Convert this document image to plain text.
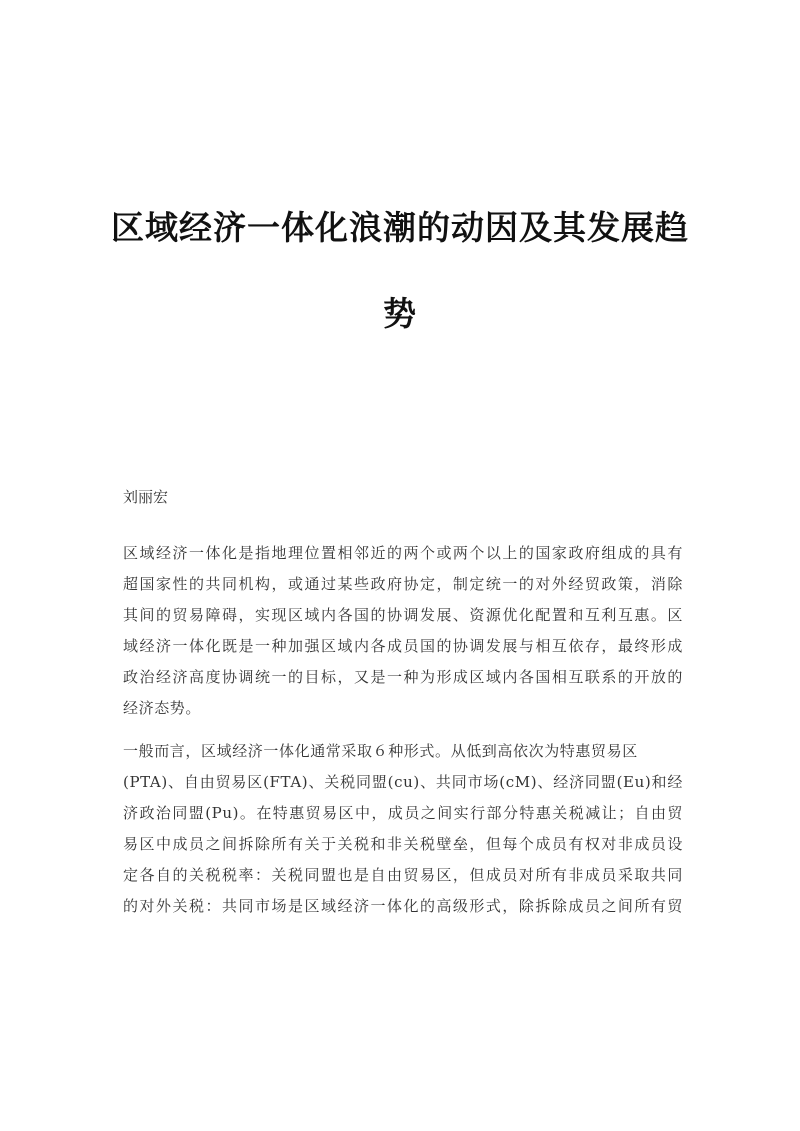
区域经济一体化浪潮的动因及其发展趋
势
刘丽宏
区域经济一体化是指地理位置相邻近的两个或两个以上的国家政府组成的具有
超国家性的共同机构，或通过某些政府协定，制定统一的对外经贸政策，消除
其间的贸易障碍，实现区域内各国的协调发展、资源优化配置和互利互惠。区
域经济一体化既是一种加强区域内各成员国的协调发展与相互依存，最终形成
政治经济高度协调统一的目标，又是一种为形成区域内各国相互联系的开放的
经济态势。
一般而言，区域经济一体化通常采取６种形式。从低到高依次为特惠贸易区
(PTA)、自由贸易区(FTA)、关税同盟(cu)、共同市场(cM)、经济同盟(Eu)和经
济政治同盟(Pu)。在特惠贸易区中，成员之间实行部分特惠关税减让；自由贸
易区中成员之间拆除所有关于关税和非关税壁垒，但每个成员有权对非成员设
定各自的关税税率：关税同盟也是自由贸易区，但成员对所有非成员采取共同
的对外关税：共同市场是区域经济一体化的高级形式，除拆除成员之间所有贸
